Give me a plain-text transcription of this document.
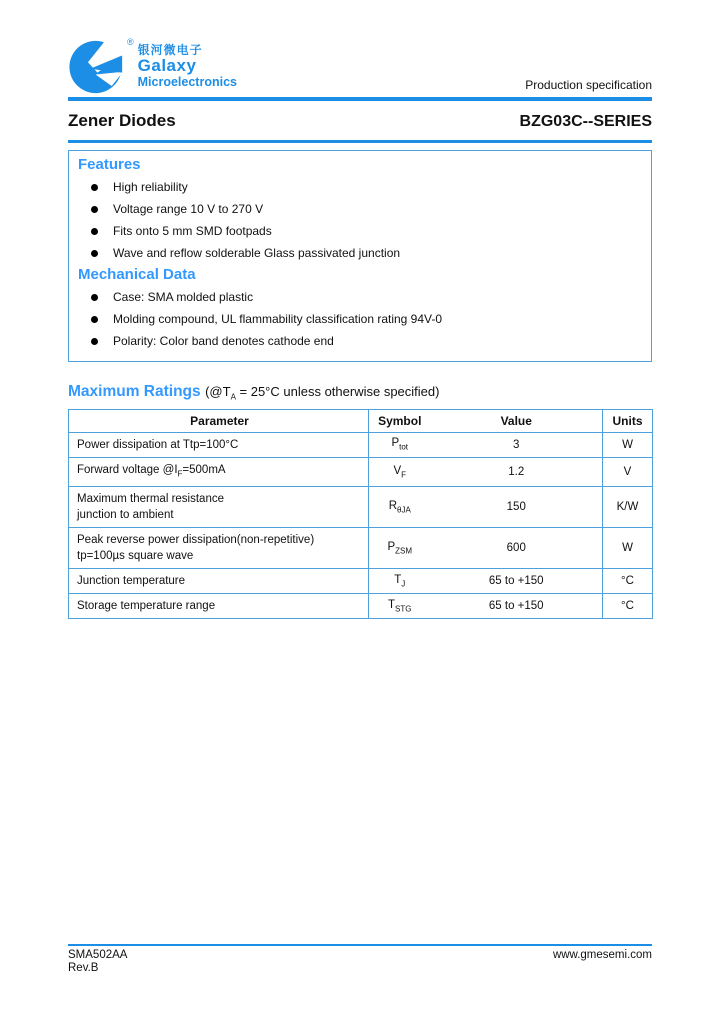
®
银河微电子
Galaxy
Microelectronics	Production specification
Zener Diodes	BZG03C--SERIES
Features
High reliability
Voltage range 10 V to 270 V
Fits onto 5 mm SMD footpads
Wave and reflow solderable Glass passivated junction
Mechanical Data
Case: SMA molded plastic
Molding compound, UL flammability classification rating 94V-0
Polarity: Color band denotes cathode end
Maximum Ratings ($@T_A = 25^\circ C$ unless otherwise specified)
Parameter	Symbol	Value	Units

Power dissipation at Ttp=100°C	$P_{tot}$	3	W

Forward voltage $@I_F=500mA$	$V_F$	1.2	V

Maximum thermal resistance
junction to ambient	$R_{\theta JA}$	150	K/W

Peak reverse power dissipation(non-repetitive)
tp=100µs square wave	$P_{ZSM}$	600	W

Junction temperature	$T_J$	65 to +150	°C

Storage temperature range	$T_{STG}$	65 to +150	°C
SMA502AA
Rev.B
www.gmesemi.com
